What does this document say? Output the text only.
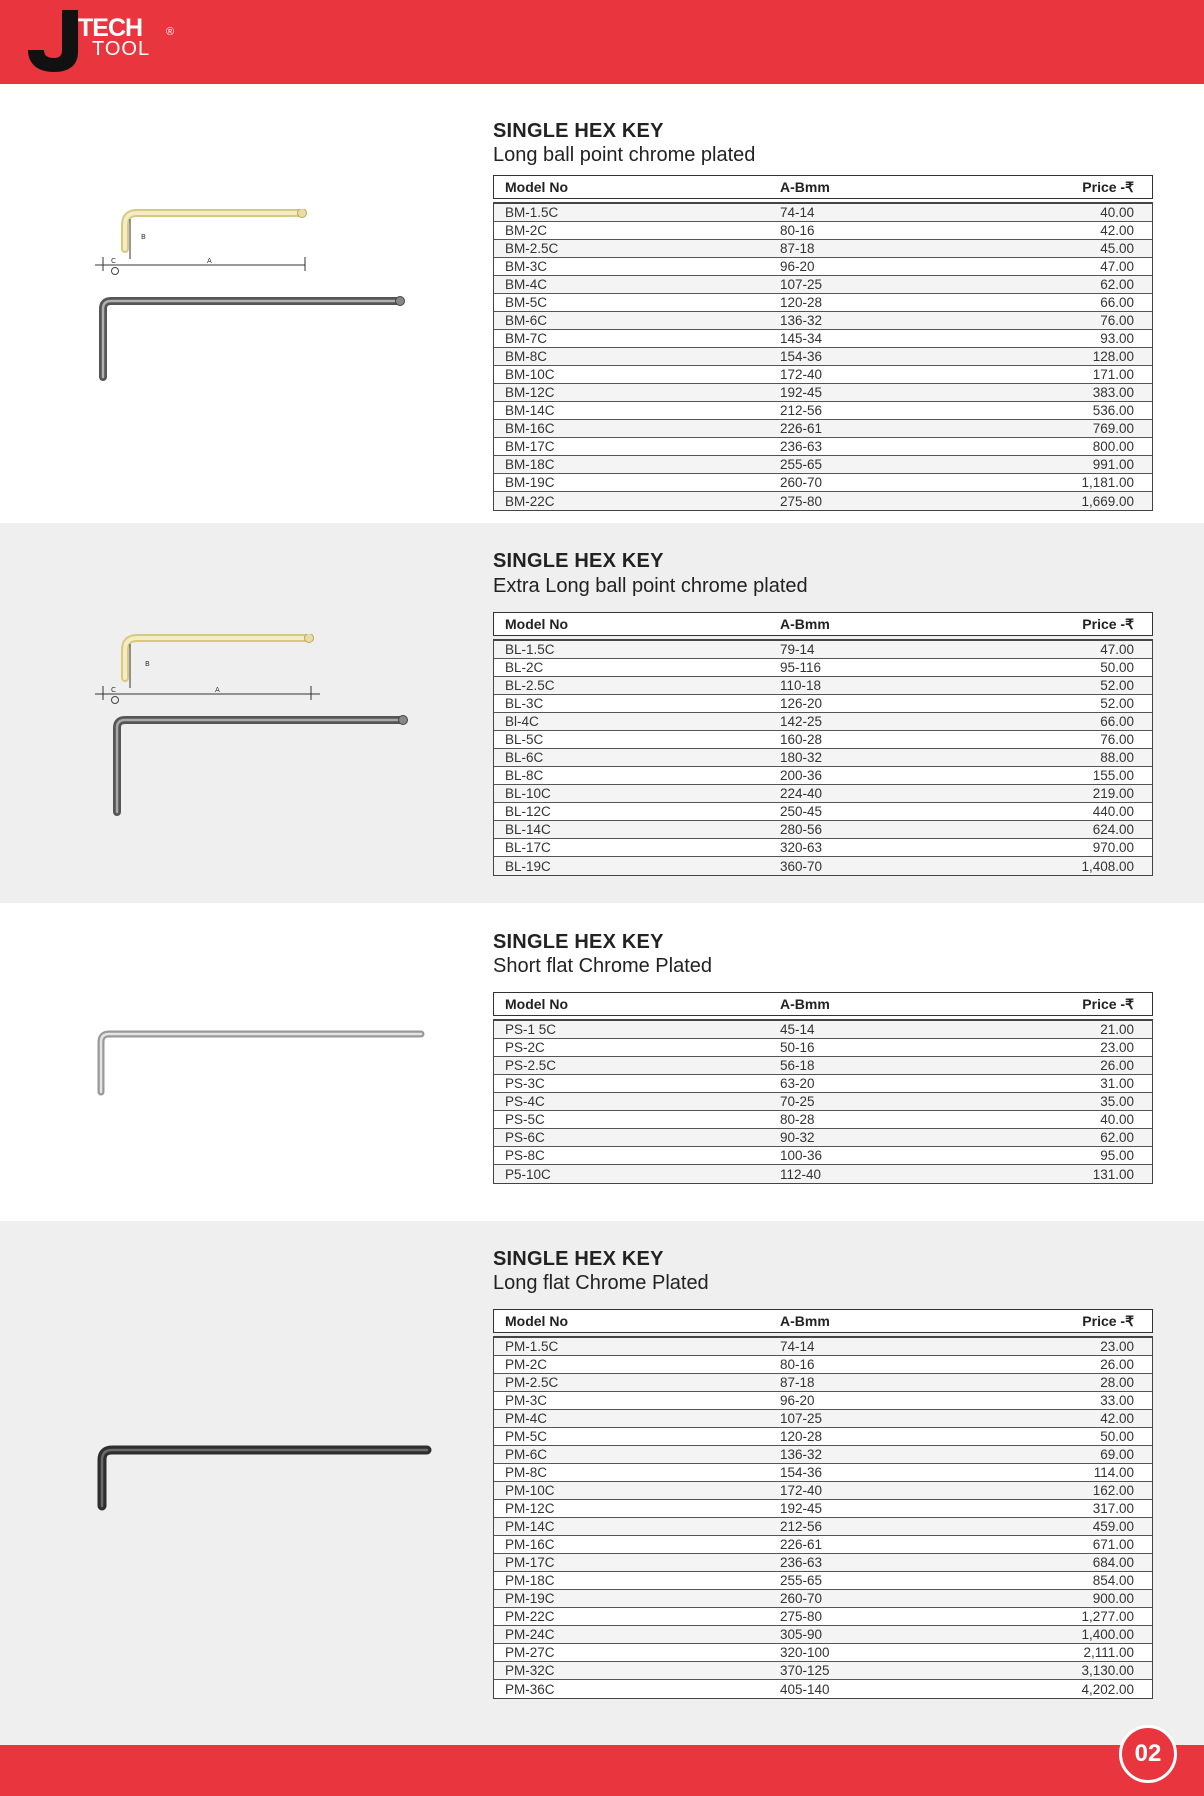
TECH ®
TOOL
B
C	A
SINGLE HEX KEY
Long ball point chrome plated
Model No	A-Bmm	Price -₹
BM-1.5C	74-14	40.00
BM-2C	80-16	42.00
BM-2.5C	87-18	45.00
BM-3C	96-20	47.00
BM-4C	107-25	62.00
BM-5C	120-28	66.00
BM-6C	136-32	76.00
BM-7C	145-34	93.00
BM-8C	154-36	128.00
BM-10C	172-40	171.00
BM-12C	192-45	383.00
BM-14C	212-56	536.00
BM-16C	226-61	769.00
BM-17C	236-63	800.00
BM-18C	255-65	991.00
BM-19C	260-70	1,181.00
BM-22C	275-80	1,669.00
B
C	A
SINGLE HEX KEY
Extra Long ball point chrome plated
Model No	A-Bmm	Price -₹
BL-1.5C	79-14	47.00
BL-2C	95-116	50.00
BL-2.5C	110-18	52.00
BL-3C	126-20	52.00
Bl-4C	142-25	66.00
BL-5C	160-28	76.00
BL-6C	180-32	88.00
BL-8C	200-36	155.00
BL-10C	224-40	219.00
BL-12C	250-45	440.00
BL-14C	280-56	624.00
BL-17C	320-63	970.00
BL-19C	360-70	1,408.00
SINGLE HEX KEY
Short flat Chrome Plated
Model No	A-Bmm	Price -₹
PS-1 5C	45-14	21.00
PS-2C	50-16	23.00
PS-2.5C	56-18	26.00
PS-3C	63-20	31.00
PS-4C	70-25	35.00
PS-5C	80-28	40.00
PS-6C	90-32	62.00
PS-8C	100-36	95.00
P5-10C	112-40	131.00
SINGLE HEX KEY
Long flat Chrome Plated
Model No	A-Bmm	Price -₹
PM-1.5C	74-14	23.00
PM-2C	80-16	26.00
PM-2.5C	87-18	28.00
PM-3C	96-20	33.00
PM-4C	107-25	42.00
PM-5C	120-28	50.00
PM-6C	136-32	69.00
PM-8C	154-36	114.00
PM-10C	172-40	162.00
PM-12C	192-45	317.00
PM-14C	212-56	459.00
PM-16C	226-61	671.00
PM-17C	236-63	684.00
PM-18C	255-65	854.00
PM-19C	260-70	900.00
PM-22C	275-80	1,277.00
PM-24C	305-90	1,400.00
PM-27C	320-100	2,111.00
PM-32C	370-125	3,130.00
PM-36C	405-140	4,202.00
02
